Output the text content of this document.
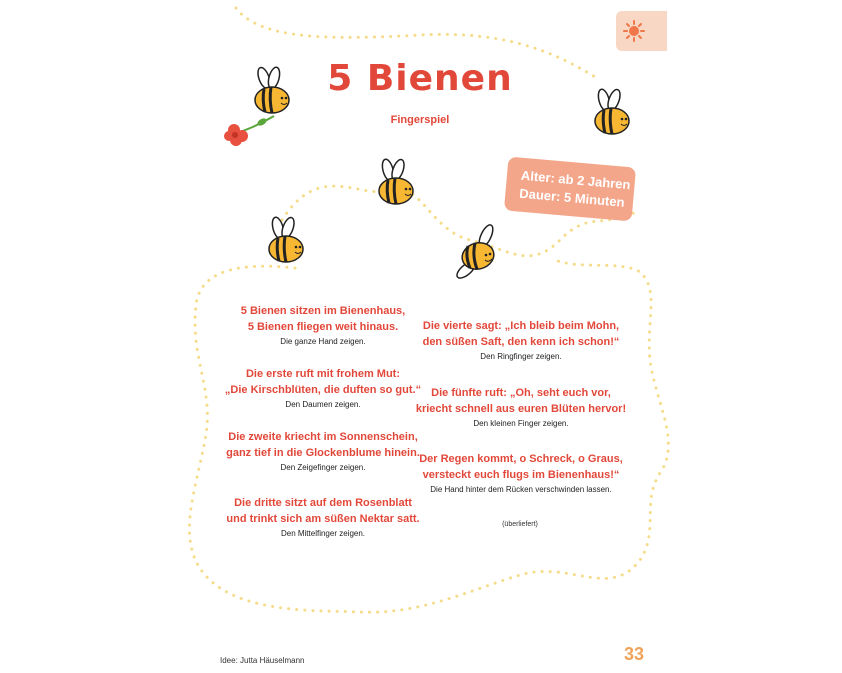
5 Bienen
Fingerspiel
Alter: ab 2 Jahren
Dauer: 5 Minuten
5 Bienen sitzen im Bienenhaus,
5 Bienen fliegen weit hinaus.
Die ganze Hand zeigen.
Die erste ruft mit frohem Mut:
„Die Kirschblüten, die duften so gut.“
Den Daumen zeigen.
Die zweite kriecht im Sonnenschein,
ganz tief in die Glockenblume hinein.
Den Zeigefinger zeigen.
Die dritte sitzt auf dem Rosenblatt
und trinkt sich am süßen Nektar satt.
Den Mittelfinger zeigen.
Die vierte sagt: „Ich bleib beim Mohn,
den süßen Saft, den kenn ich schon!“
Den Ringfinger zeigen.
Die fünfte ruft: „Oh, seht euch vor,
kriecht schnell aus euren Blüten hervor!
Den kleinen Finger zeigen.
Der Regen kommt, o Schreck, o Graus,
versteckt euch flugs im Bienenhaus!“
Die Hand hinter dem Rücken verschwinden lassen.
(überliefert)
Idee: Jutta Häuselmann	33
